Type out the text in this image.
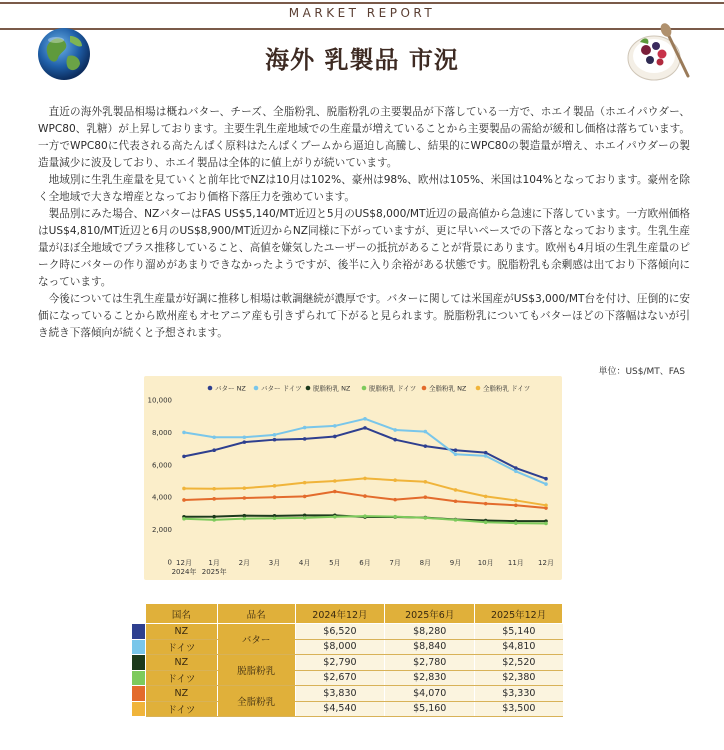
MARKET REPORT
海外 乳製品 市況

直近の海外乳製品相場は概ねバター、チーズ、全脂粉乳、脱脂粉乳の主要製品が下落している一方で、ホエイ製品（ホエイパウダー、WPC80、乳糖）が上昇しております。主要生乳生産地域での生産量が増えていることから主要製品の需給が緩和し価格は落ちています。一方でWPC80に代表される高たんぱく原料はたんぱくブームから逼迫し高騰し、結果的にWPC80の製造量が増え、ホエイパウダーの製造量減少に波及しており、ホエイ製品は全体的に値上がりが続いています。

地域別に生乳生産量を見ていくと前年比でNZは10月は102%、豪州は98%、欧州は105%、米国は104%となっております。豪州を除く全地域で大きな増産となっており価格下落圧力を強めています。

製品別にみた場合、NZバターはFAS US$5,140/MT近辺と5月のUS$8,000/MT近辺の最高値から急速に下落しています。一方欧州価格はUS$4,810/MT近辺と6月のUS$8,900/MT近辺からNZ同様に下がっていますが、更に早いペースでの下落となっております。生乳生産量がほぼ全地域でプラス推移していること、高値を嫌気したユーザーの抵抗があることが背景にあります。欧州も4月頃の生乳生産量のピーク時にバターの作り溜めがあまりできなかったようですが、後半に入り余裕がある状態です。脱脂粉乳も余剰感は出ており下落傾向になっています。

今後については生乳生産量が好調に推移し相場は軟調継続が濃厚です。バターに関しては米国産がUS$3,000/MT台を付け、圧倒的に安価になっていることから欧州産もオセアニア産も引きずられて下がると見られます。脱脂粉乳についてもバターほどの下落幅はないが引き続き下落傾向が続くと予想されます。

単位：US$/MT、FAS
0
2,000
4,000
6,000
8,000
10,000
12月 1月	2月	3月	4月	5月	6月	7月	8月	9月 10月 11月 12月
2024年 2025年
バター NZ バター ドイツ 脱脂粉乳 NZ	脱脂粉乳 ドイツ 全脂粉乳 NZ	全脂粉乳 ドイツ
	国名	品名	2024年12月	2025年6月	2025年12月
	NZ	バター	$6,520	$8,280	$5,140
	ドイツ		$8,000	$8,840	$4,810
	NZ	脱脂粉乳	$2,790	$2,780	$2,520
	ドイツ		$2,670	$2,830	$2,380
	NZ	全脂粉乳	$3,830	$4,070	$3,330
	ドイツ		$4,540	$5,160	$3,500
